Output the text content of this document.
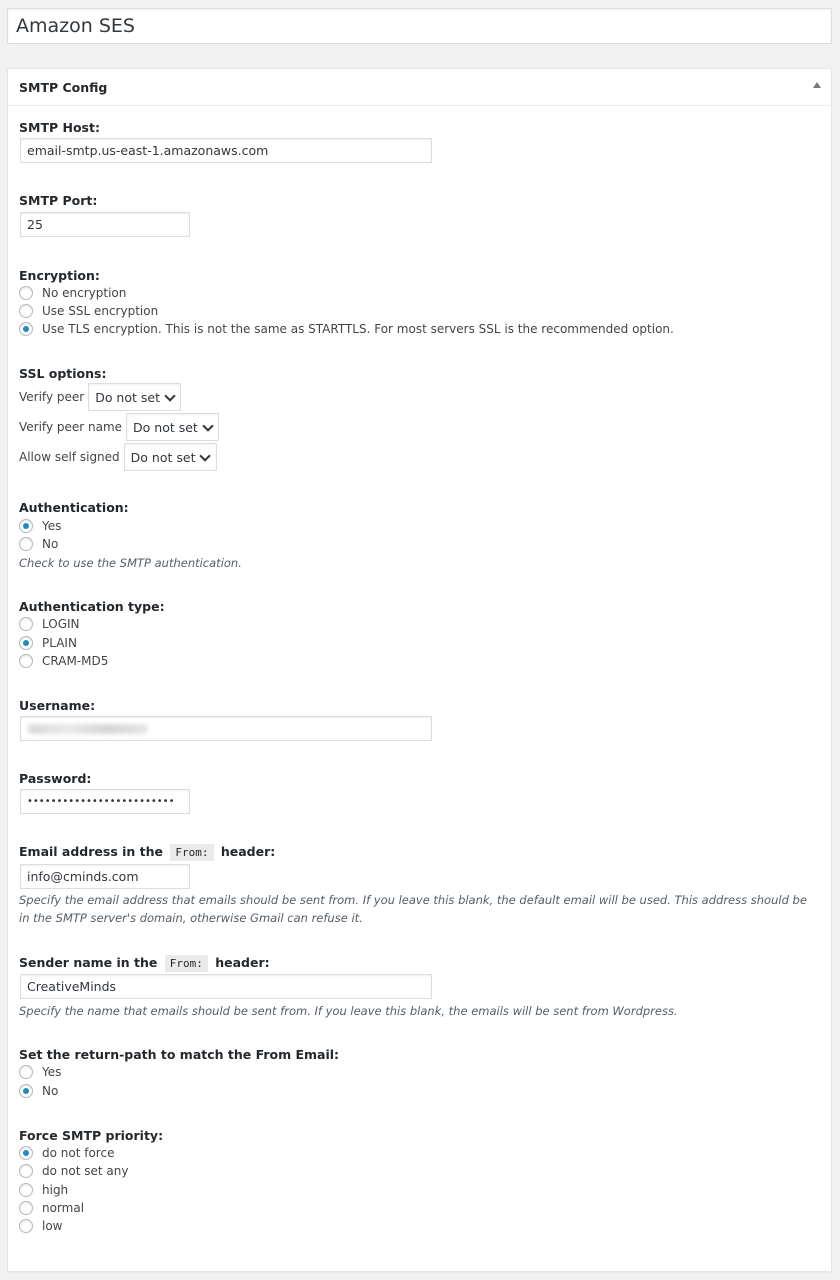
Amazon SES
SMTP Config
SMTP Host:
email-smtp.us-east-1.amazonaws.com
SMTP Port:
25
Encryption:
No encryption
Use SSL encryption
Use TLS encryption. This is not the same as STARTTLS. For most servers SSL is the recommended option.
SSL options:
Verify peer Do not set
Verify peer name Do not set
Allow self signed Do not set
Authentication:
Yes
No
Check to use the SMTP authentication.
Authentication type:
LOGIN
PLAIN
CRAM-MD5
Username:
Password:
•••••••••••••••••••••••••
Email address in the From: header:
info@cminds.com
Specify the email address that emails should be sent from. If you leave this blank, the default email will be used. This address should be in the SMTP server's domain, otherwise Gmail can refuse it.
Sender name in the From: header:
CreativeMinds
Specify the name that emails should be sent from. If you leave this blank, the emails will be sent from Wordpress.
Set the return-path to match the From Email:
Yes
No
Force SMTP priority:
do not force
do not set any
high
normal
low
